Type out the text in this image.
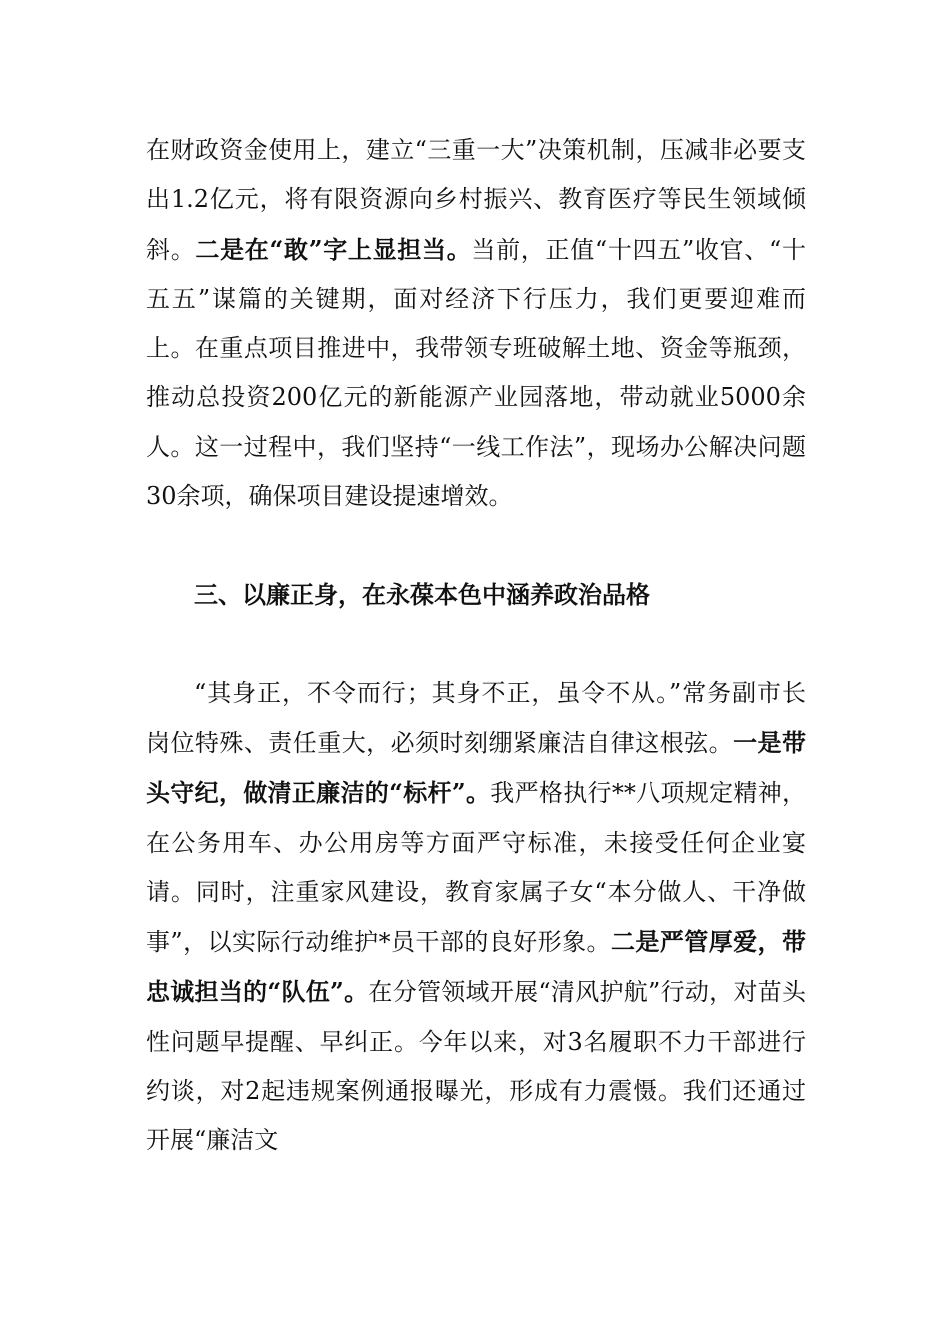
在财政资金使用上，建立“三重一大”决策机制，压减非必要支出1.2亿元，将有限资源向乡村振兴、教育医疗等民生领域倾斜。二是在“敢”字上显担当。当前，正值“十四五”收官、“十五五”谋篇的关键期，面对经济下行压力，我们更要迎难而上。在重点项目推进中，我带领专班破解土地、资金等瓶颈，推动总投资200亿元的新能源产业园落地，带动就业5000余人。这一过程中，我们坚持“一线工作法”，现场办公解决问题30余项，确保项目建设提速增效。

三、以廉正身，在永葆本色中涵养政治品格

“其身正，不令而行；其身不正，虽令不从。”常务副市长岗位特殊、责任重大，必须时刻绷紧廉洁自律这根弦。一是带头守纪，做清正廉洁的“标杆”。我严格执行**八项规定精神，在公务用车、办公用房等方面严守标准，未接受任何企业宴请。同时，注重家风建设，教育家属子女“本分做人、干净做事”，以实际行动维护*员干部的良好形象。二是严管厚爱，带忠诚担当的“队伍”。在分管领域开展“清风护航”行动，对苗头性问题早提醒、早纠正。今年以来，对3名履职不力干部进行约谈，对2起违规案例通报曝光，形成有力震慑。我们还通过开展“廉洁文
